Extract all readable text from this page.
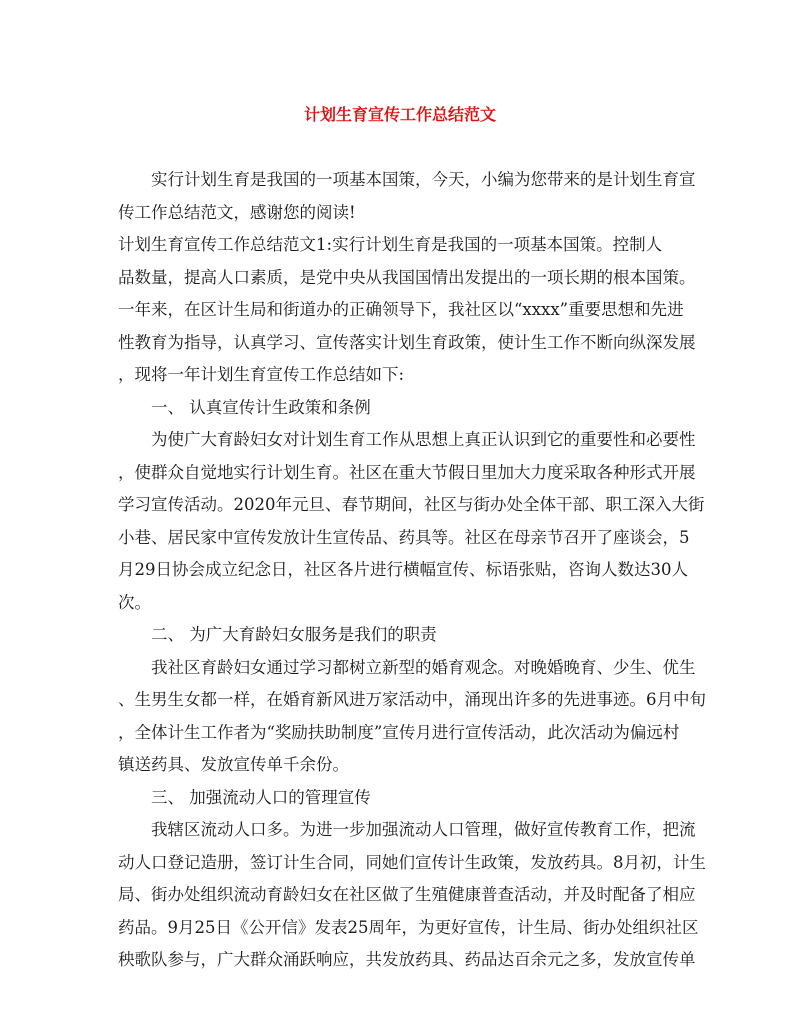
计划生育宣传工作总结范文
实行计划生育是我国的一项基本国策，今天，小编为您带来的是计划生育宣
传工作总结范文，感谢您的阅读!
计划生育宣传工作总结范文1:实行计划生育是我国的一项基本国策。控制人
品数量，提高人口素质，是党中央从我国国情出发提出的一项长期的根本国策。
一年来，在区计生局和街道办的正确领导下，我社区以“xxxx”重要思想和先进
性教育为指导，认真学习、宣传落实计划生育政策，使计生工作不断向纵深发展
，现将一年计划生育宣传工作总结如下:
一、 认真宣传计生政策和条例
为使广大育龄妇女对计划生育工作从思想上真正认识到它的重要性和必要性
，使群众自觉地实行计划生育。社区在重大节假日里加大力度采取各种形式开展
学习宣传活动。2020年元旦、春节期间，社区与街办处全体干部、职工深入大街
小巷、居民家中宣传发放计生宣传品、药具等。社区在母亲节召开了座谈会，5
月29日协会成立纪念日，社区各片进行横幅宣传、标语张贴，咨询人数达30人
次。
二、 为广大育龄妇女服务是我们的职责
我社区育龄妇女通过学习都树立新型的婚育观念。对晚婚晚育、少生、优生
、生男生女都一样，在婚育新风进万家活动中，涌现出许多的先进事迹。6月中旬
，全体计生工作者为“奖励扶助制度”宣传月进行宣传活动，此次活动为偏远村
镇送药具、发放宣传单千余份。
三、 加强流动人口的管理宣传
我辖区流动人口多。为进一步加强流动人口管理，做好宣传教育工作，把流
动人口登记造册，签订计生合同，同她们宣传计生政策，发放药具。8月初，计生
局、街办处组织流动育龄妇女在社区做了生殖健康普查活动，并及时配备了相应
药品。9月25日《公开信》发表25周年，为更好宣传，计生局、街办处组织社区
秧歌队参与，广大群众涌跃响应，共发放药具、药品达百余元之多，发放宣传单
